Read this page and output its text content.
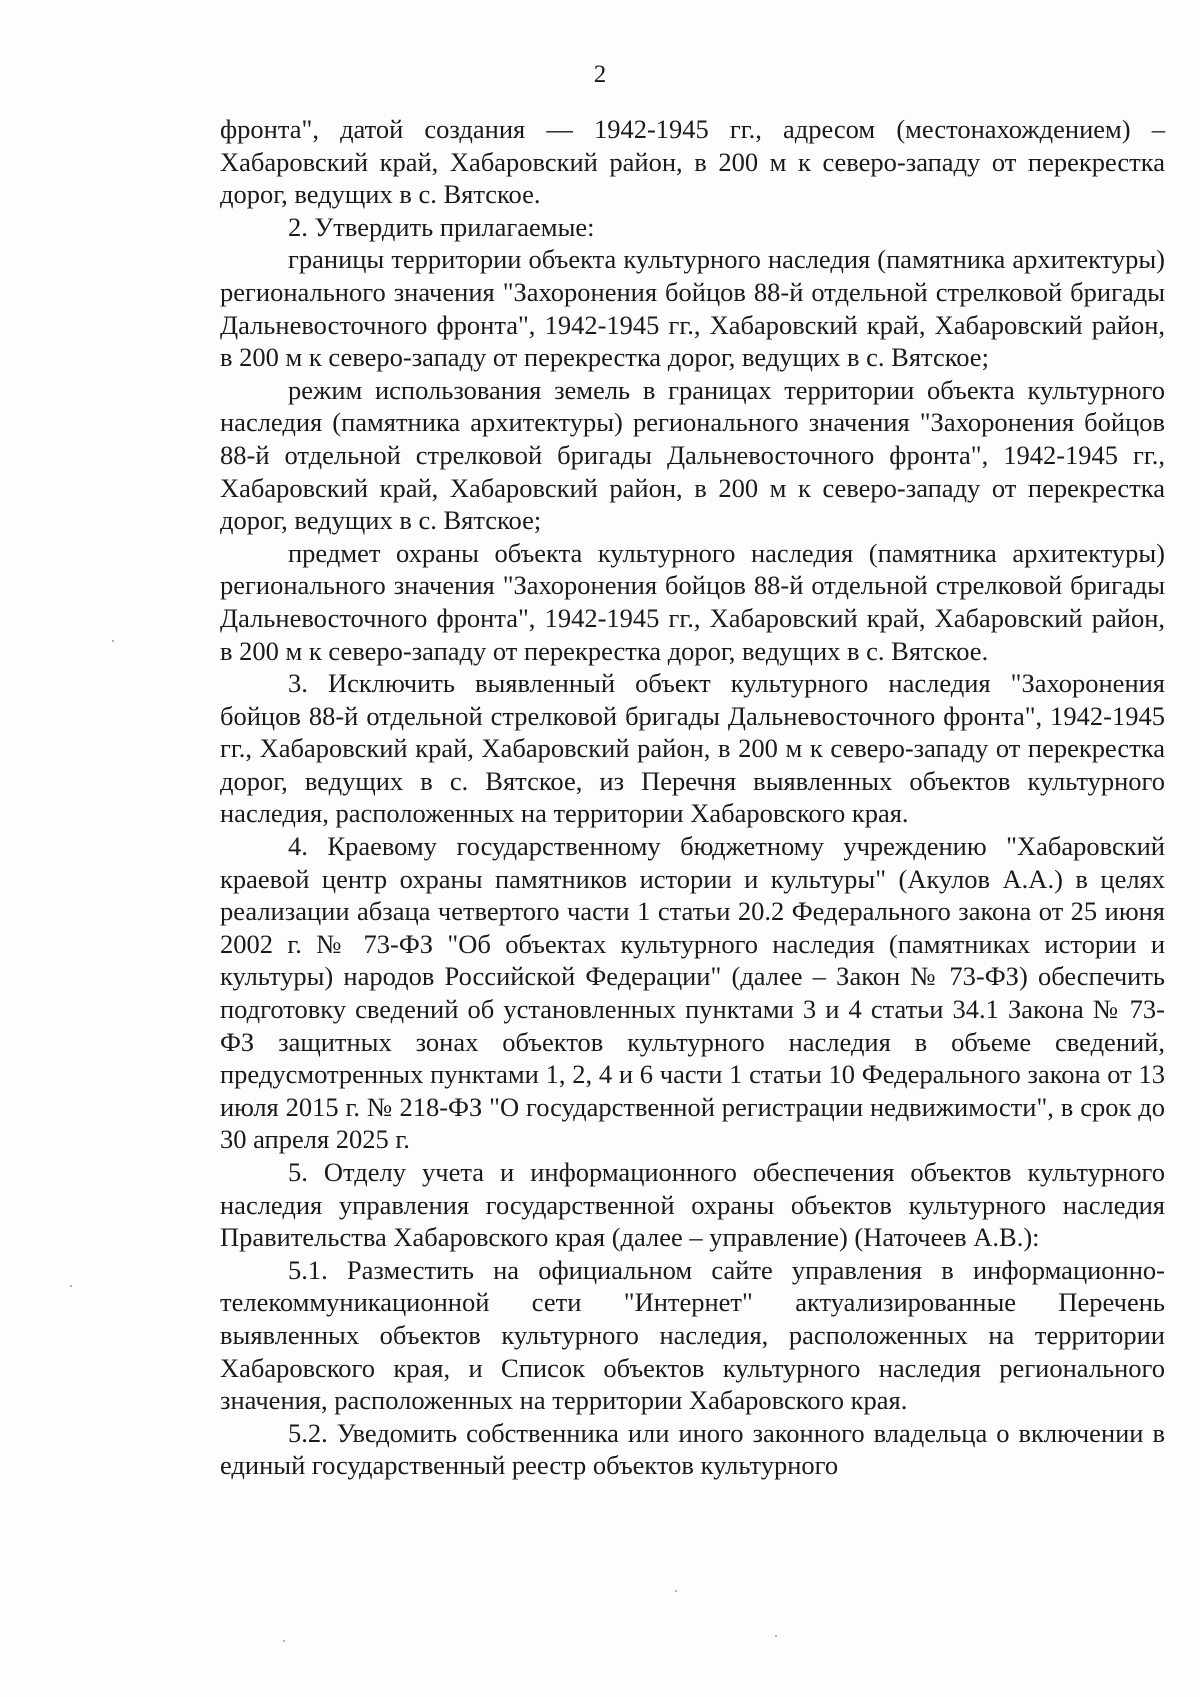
2

фронта", датой создания — 1942-1945 гг., адресом (местонахождением) – Хабаровский край, Хабаровский район, в 200 м к северо-западу от перекрестка дорог, ведущих в с. Вятское.

2. Утвердить прилагаемые:

границы территории объекта культурного наследия (памятника архитектуры) регионального значения "Захоронения бойцов 88-й отдельной стрелковой бригады Дальневосточного фронта", 1942-1945 гг., Хабаровский край, Хабаровский район, в 200 м к северо-западу от перекрестка дорог, ведущих в с. Вятское;

режим использования земель в границах территории объекта культурного наследия (памятника архитектуры) регионального значения "Захоронения бойцов 88-й отдельной стрелковой бригады Дальневосточного фронта", 1942-1945 гг., Хабаровский край, Хабаровский район, в 200 м к северо-западу от перекрестка дорог, ведущих в с. Вятское;

предмет охраны объекта культурного наследия (памятника архитектуры) регионального значения "Захоронения бойцов 88-й отдельной стрелковой бригады Дальневосточного фронта", 1942-1945 гг., Хабаровский край, Хабаровский район, в 200 м к северо-западу от перекрестка дорог, ведущих в с. Вятское.

3. Исключить выявленный объект культурного наследия "Захоронения бойцов 88-й отдельной стрелковой бригады Дальневосточного фронта", 1942-1945 гг., Хабаровский край, Хабаровский район, в 200 м к северо-западу от перекрестка дорог, ведущих в с. Вятское, из Перечня выявленных объектов культурного наследия, расположенных на территории Хабаровского края.

4. Краевому государственному бюджетному учреждению "Хабаровский краевой центр охраны памятников истории и культуры" (Акулов А.А.) в целях реализации абзаца четвертого части 1 статьи 20.2 Федерального закона от 25 июня 2002 г. № 73-ФЗ "Об объектах культурного наследия (памятниках истории и культуры) народов Российской Федерации" (далее – Закон № 73-ФЗ) обеспечить подготовку сведений об установленных пунктами 3 и 4 статьи 34.1 Закона № 73-ФЗ защитных зонах объектов культурного наследия в объеме сведений, предусмотренных пунктами 1, 2, 4 и 6 части 1 статьи 10 Федерального закона от 13 июля 2015 г. № 218-ФЗ "О государственной регистрации недвижимости", в срок до 30 апреля 2025 г.

5. Отделу учета и информационного обеспечения объектов культурного наследия управления государственной охраны объектов культурного наследия Правительства Хабаровского края (далее – управление) (Наточеев А.В.):

5.1. Разместить на официальном сайте управления в информационно-телекоммуникационной сети "Интернет" актуализированные Перечень выявленных объектов культурного наследия, расположенных на территории Хабаровского края, и Список объектов культурного наследия регионального значения, расположенных на территории Хабаровского края.

5.2. Уведомить собственника или иного законного владельца о включении в единый государственный реестр объектов культурного
